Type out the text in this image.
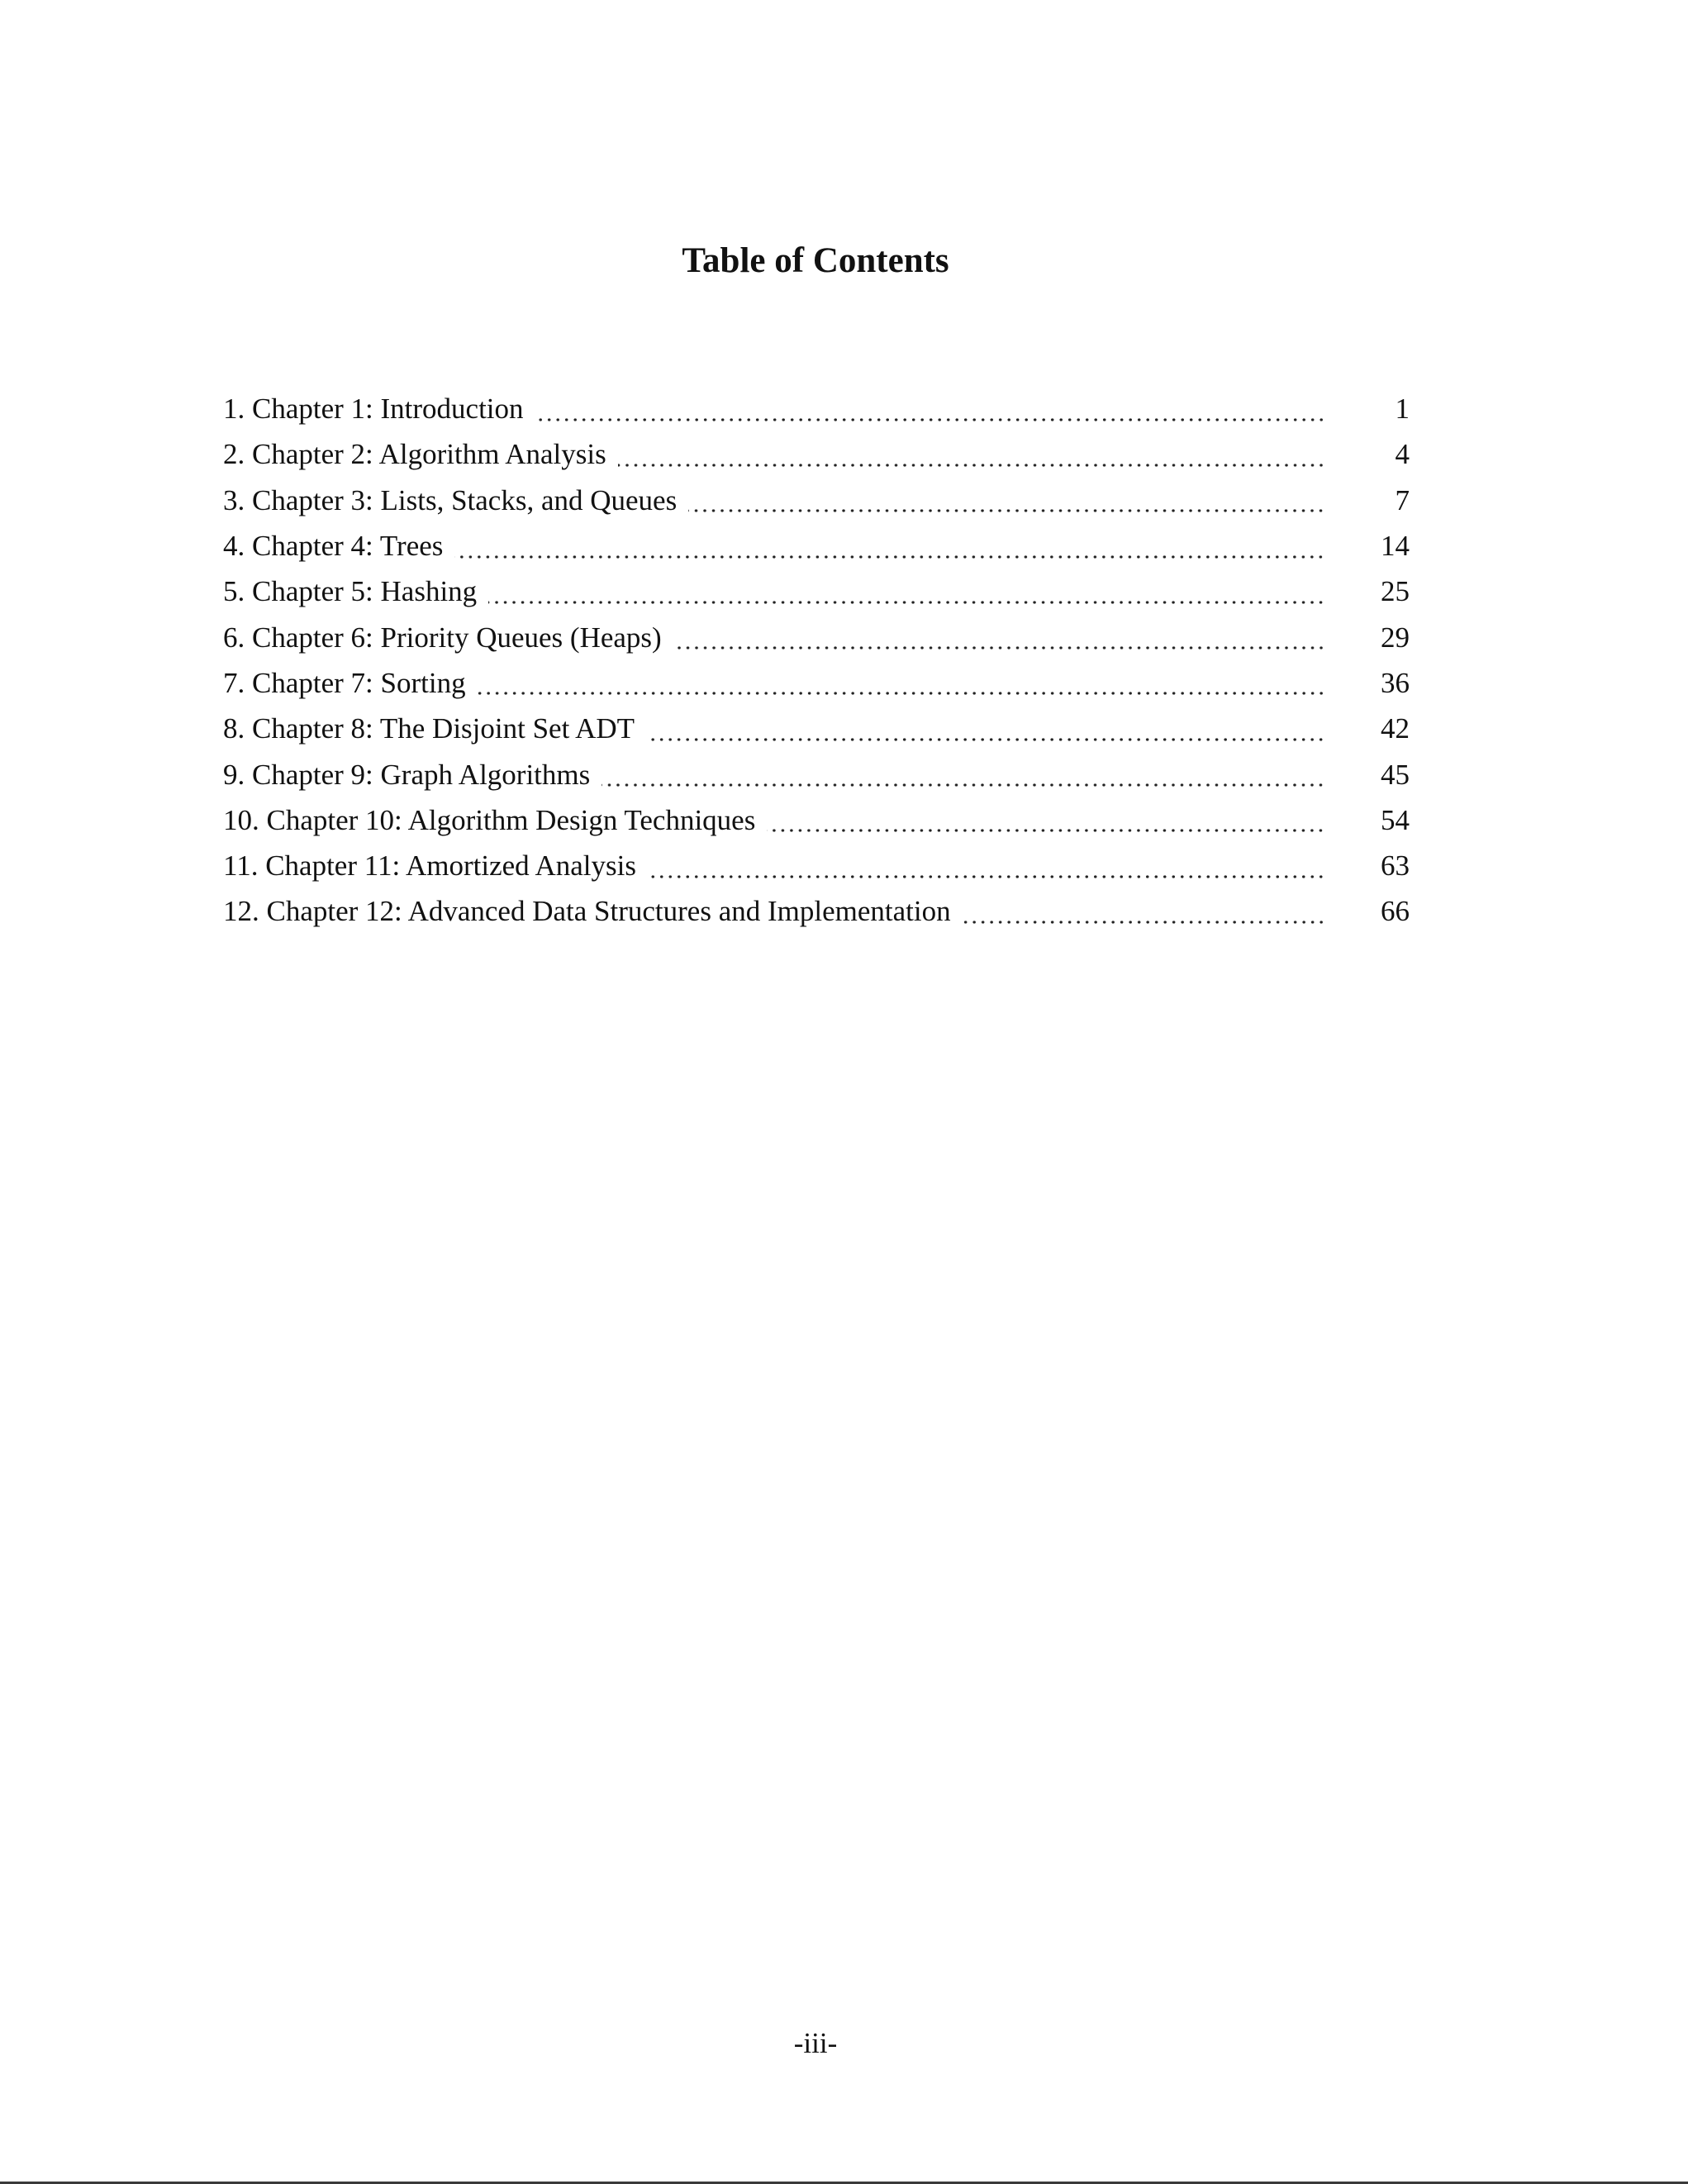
Table of Contents
1. Chapter 1: Introduction	1
2. Chapter 2: Algorithm Analysis	4
3. Chapter 3: Lists, Stacks, and Queues	7
4. Chapter 4: Trees	14
5. Chapter 5: Hashing	25
6. Chapter 6: Priority Queues (Heaps)	29
7. Chapter 7: Sorting	36
8. Chapter 8: The Disjoint Set ADT	42
9. Chapter 9: Graph Algorithms	45
10. Chapter 10: Algorithm Design Techniques	54
11. Chapter 11: Amortized Analysis	63
12. Chapter 12: Advanced Data Structures and Implementation	66
-iii-
